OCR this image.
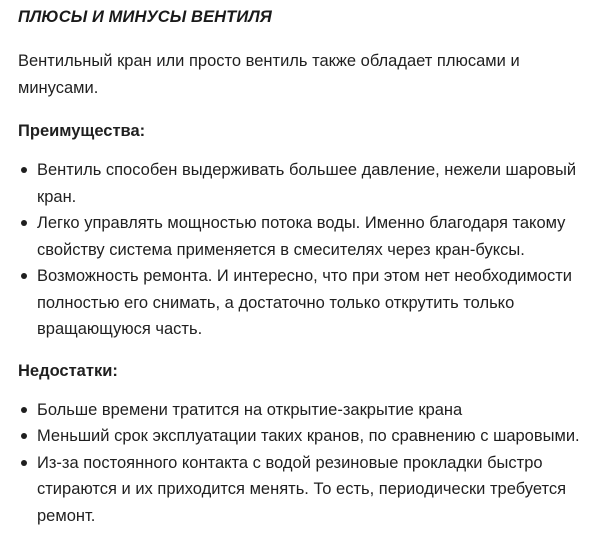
ПЛЮСЫ И МИНУСЫ ВЕНТИЛЯ

Вентильный кран или просто вентиль также обладает плюсами и минусами.

Преимущества:
Вентиль способен выдерживать большее давление, нежели шаровый кран.
Легко управлять мощностью потока воды. Именно благодаря такому свойству система применяется в смесителях через кран-буксы.
Возможность ремонта. И интересно, что при этом нет необходимости полностью его снимать, а достаточно только открутить только вращающуюся часть.
Недостатки:
Больше времени тратится на открытие-закрытие крана
Меньший срок эксплуатации таких кранов, по сравнению с шаровыми.
Из-за постоянного контакта с водой резиновые прокладки быстро стираются и их приходится менять. То есть, периодически требуется ремонт.
